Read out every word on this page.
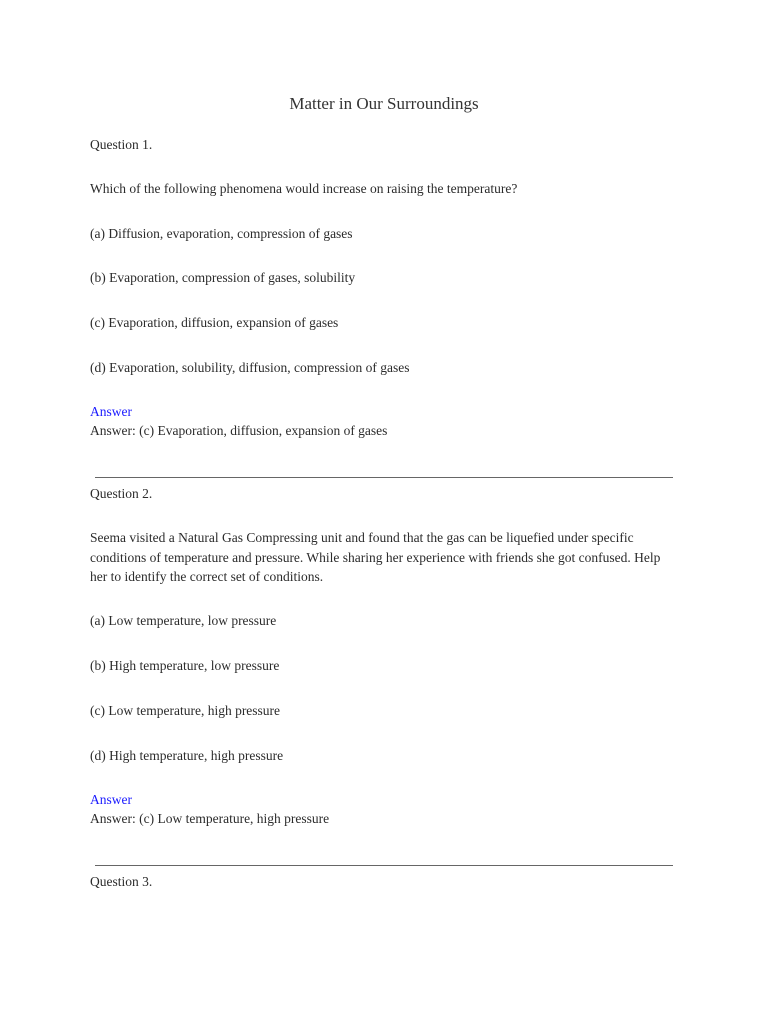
Matter in Our Surroundings
Question 1.
Which of the following phenomena would increase on raising the temperature?
(a) Diffusion, evaporation, compression of gases
(b) Evaporation, compression of gases, solubility
(c) Evaporation, diffusion, expansion of gases
(d) Evaporation, solubility, diffusion, compression of gases
Answer
Answer: (c) Evaporation, diffusion, expansion of gases
Question 2.
Seema visited a Natural Gas Compressing unit and found that the gas can be liquefied under specific
conditions of temperature and pressure. While sharing her experience with friends she got confused. Help
her to identify the correct set of conditions.
(a) Low temperature, low pressure
(b) High temperature, low pressure
(c) Low temperature, high pressure
(d) High temperature, high pressure
Answer
Answer: (c) Low temperature, high pressure
Question 3.
